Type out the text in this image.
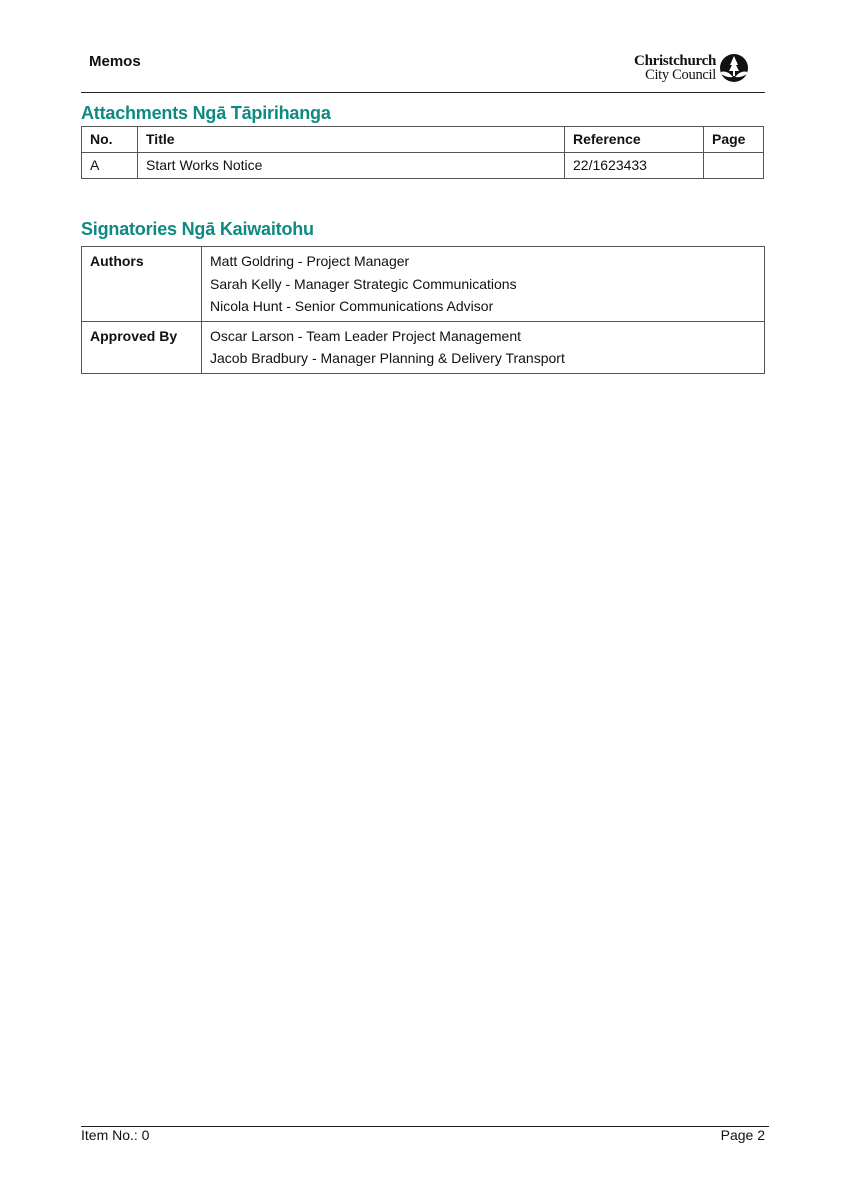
Memos	Christchurch
City Council
Attachments Ngā Tāpirihanga
No.	Title	Reference	Page
A	Start Works Notice	22/1623433	
Signatories Ngā Kaiwaitohu
Authors	Matt Goldring - Project Manager
Sarah Kelly - Manager Strategic Communications
Nicola Hunt - Senior Communications Advisor

Approved By	Oscar Larson - Team Leader Project Management
Jacob Bradbury - Manager Planning & Delivery Transport
Item No.: 0	Page 2
